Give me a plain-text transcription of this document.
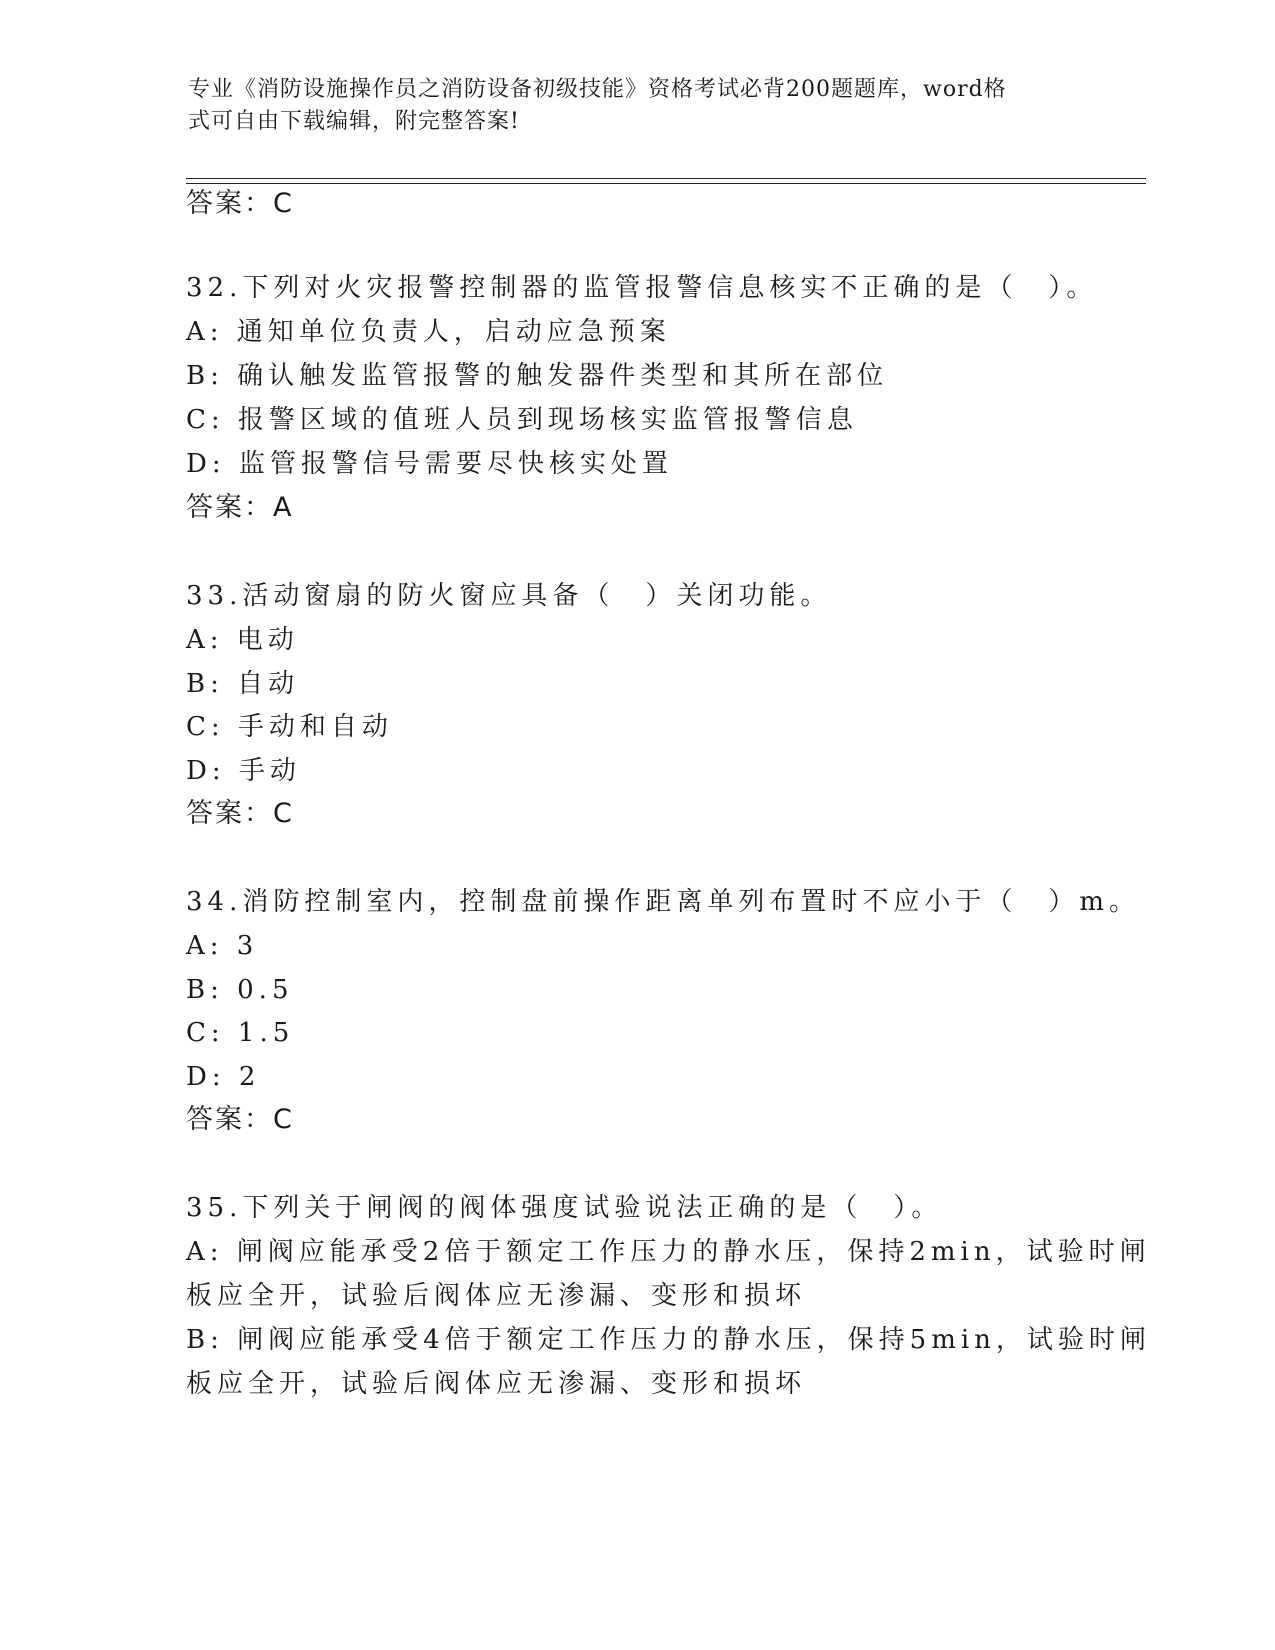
专业《消防设施操作员之消防设备初级技能》资格考试必背200题题库，word格
式可自由下载编辑，附完整答案!
答案：C
32.下列对火灾报警控制器的监管报警信息核实不正确的是（　）。
A: 通知单位负责人，启动应急预案
B: 确认触发监管报警的触发器件类型和其所在部位
C: 报警区域的值班人员到现场核实监管报警信息
D: 监管报警信号需要尽快核实处置
答案：A
33.活动窗扇的防火窗应具备（　）关闭功能。
A: 电动
B: 自动
C: 手动和自动
D: 手动
答案：C
34.消防控制室内，控制盘前操作距离单列布置时不应小于（　）m。
A: 3
B: 0.5
C: 1.5
D: 2
答案：C
35.下列关于闸阀的阀体强度试验说法正确的是（　）。
A: 闸阀应能承受2倍于额定工作压力的静水压，保持2min，试验时闸
板应全开，试验后阀体应无渗漏、变形和损坏
B: 闸阀应能承受4倍于额定工作压力的静水压，保持5min，试验时闸
板应全开，试验后阀体应无渗漏、变形和损坏
